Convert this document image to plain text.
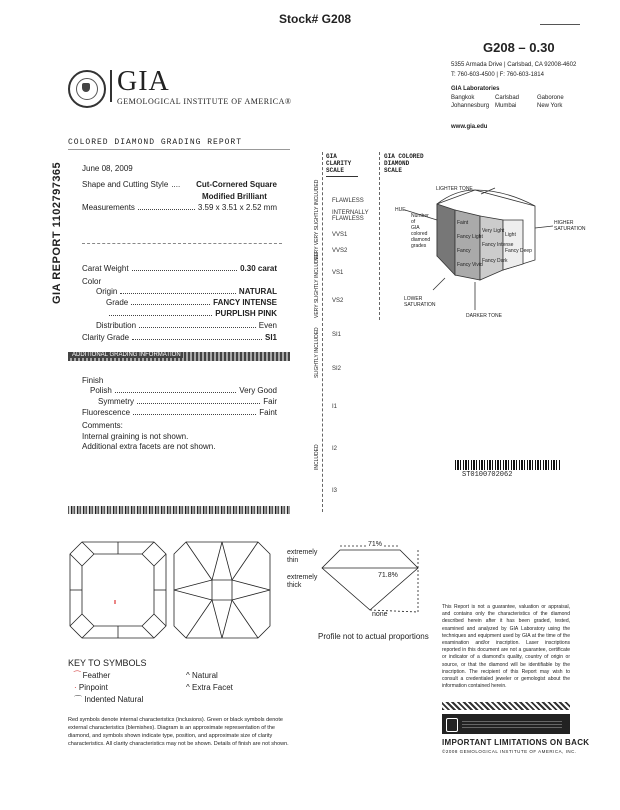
Stock# G208
G208 – 0.30
GIA
GEMOLOGICAL INSTITUTE OF AMERICA®
5355 Armada Drive | Carlsbad, CA 92008-4602
T: 760-603-4500 | F: 760-603-1814
GIA Laboratories
Bangkok	Carlsbad	Gaborone
Johannesburg Mumbai	New York
www.gia.edu
COLORED DIAMOND GRADING REPORT
GIA REPORT 1102797365 June 08, 2009
Shape and Cutting Style .... Cut-Cornered Square
Modified Brilliant
Measurements	3.59 x 3.51 x 2.52 mm
Carat Weight	0.30 carat
Color
Origin	NATURAL
Grade	FANCY INTENSE
PURPLISH PINK
Distribution	Even
Clarity Grade	SI1
ADDITIONAL GRADING INFORMATION
Finish
Polish	Very Good
Symmetry	Fair
Fluorescence	Faint
Comments:
Internal graining is not shown.
Additional extra facets are not shown.
GIA CLARITY SCALE
FLAWLESS
INTERNALLY FLAWLESS
VVS1
VVS2
VS1
VS2
SI1
SI2
I1
I2
I3
VERY VERY SLIGHTLY INCLUDED
VERY SLIGHTLY INCLUDED
SLIGHTLY INCLUDED
INCLUDED
GIA COLORED DIAMOND SCALE
Number of GIA colored diamond grades
Faint
Very Light
Light
Fancy Light
Fancy
Fancy Intense
Fancy Dark
Fancy Deep
Fancy Vivid
LIGHTER TONE
HUE
HIGHER SATURATION
LOWER SATURATION
DARKER TONE
ST0100702062
71%
71.8%
extremely thin
extremely thick
none
Profile not to actual proportions
KEY TO SYMBOLS
⁀ Feather
· Pinpoint
⌒ Indented Natural
^ Natural
^ Extra Facet
Red symbols denote internal characteristics (inclusions). Green or black symbols denote external characteristics (blemishes). Diagram is an approximate representation of the diamond, and symbols shown indicate type, position, and approximate size of clarity characteristics. All clarity characteristics may not be shown. Details of finish are not shown.
This Report is not a guarantee, valuation or appraisal, and contains only the characteristics of the diamond described herein after it has been graded, tested, examined and analyzed by GIA Laboratory using the techniques and equipment used by GIA at the time of the examination and/or inscription. Laser inscriptions reported in this document are not a guarantee, certificate or indicator of a diamond's quality, country of origin or source, or that the diamond will be identifiable by the inscription. The recipient of this Report may wish to consult a credentialed jeweler or gemologist about the information contained herein.
IMPORTANT LIMITATIONS ON BACK
©2008 GEMOLOGICAL INSTITUTE OF AMERICA, INC.
